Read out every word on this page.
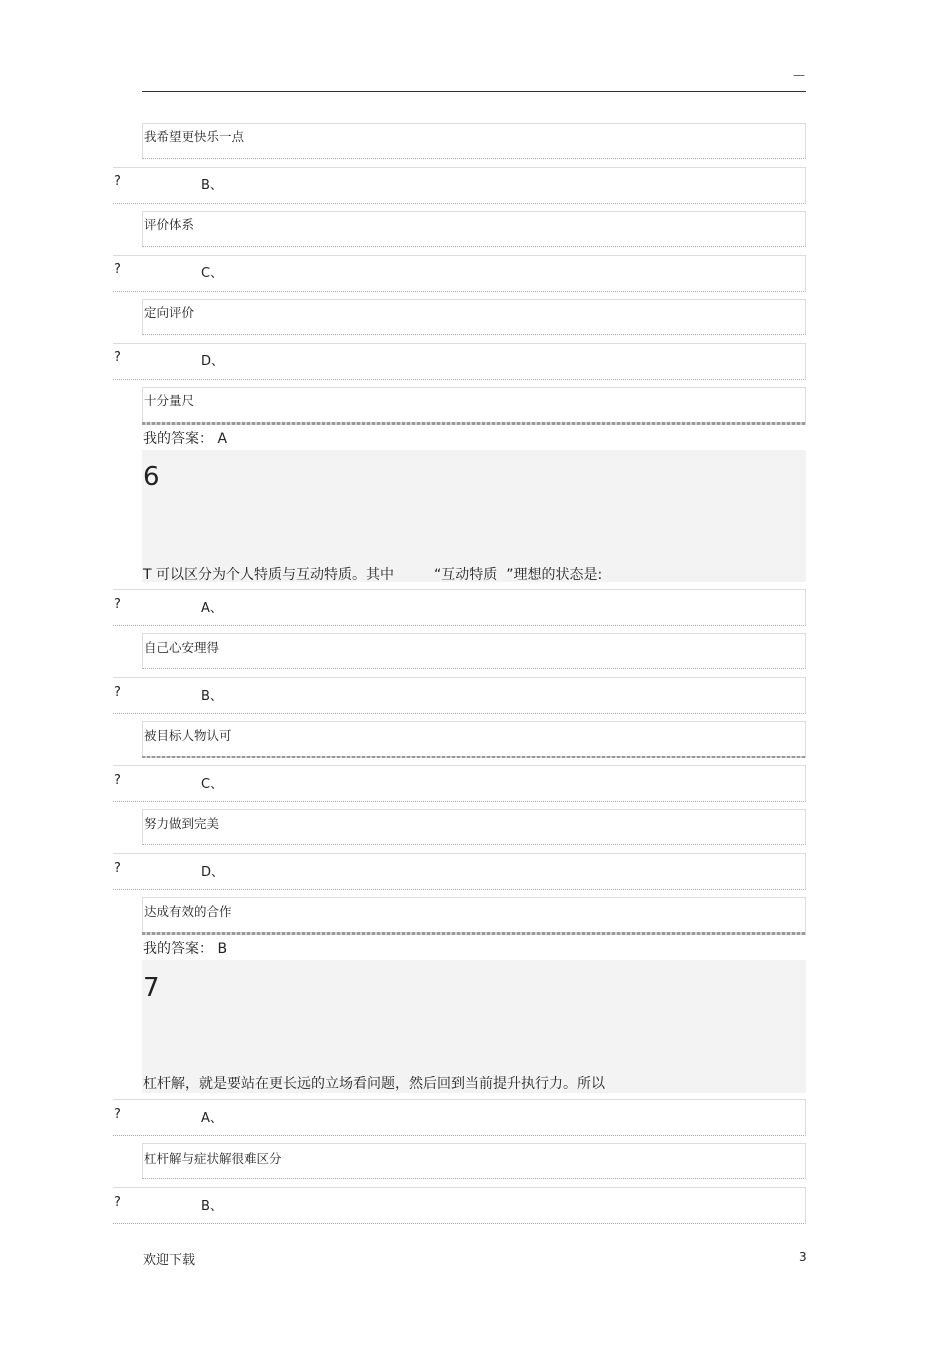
—
我希望更快乐一点
?	B、
评价体系
?	C、
定向评价
?	D、
十分量尺
我的答案： A
6
T 可以区分为个人特质与互动特质。其中         “互动特质  ”理想的状态是:
?	A、
自己心安理得
?	B、
被目标人物认可
?	C、
努力做到完美
?	D、
达成有效的合作
我的答案： B
7
杠杆解，就是要站在更长远的立场看问题，然后回到当前提升执行力。所以
?	A、
杠杆解与症状解很难区分
?	B、
欢迎下载	3
